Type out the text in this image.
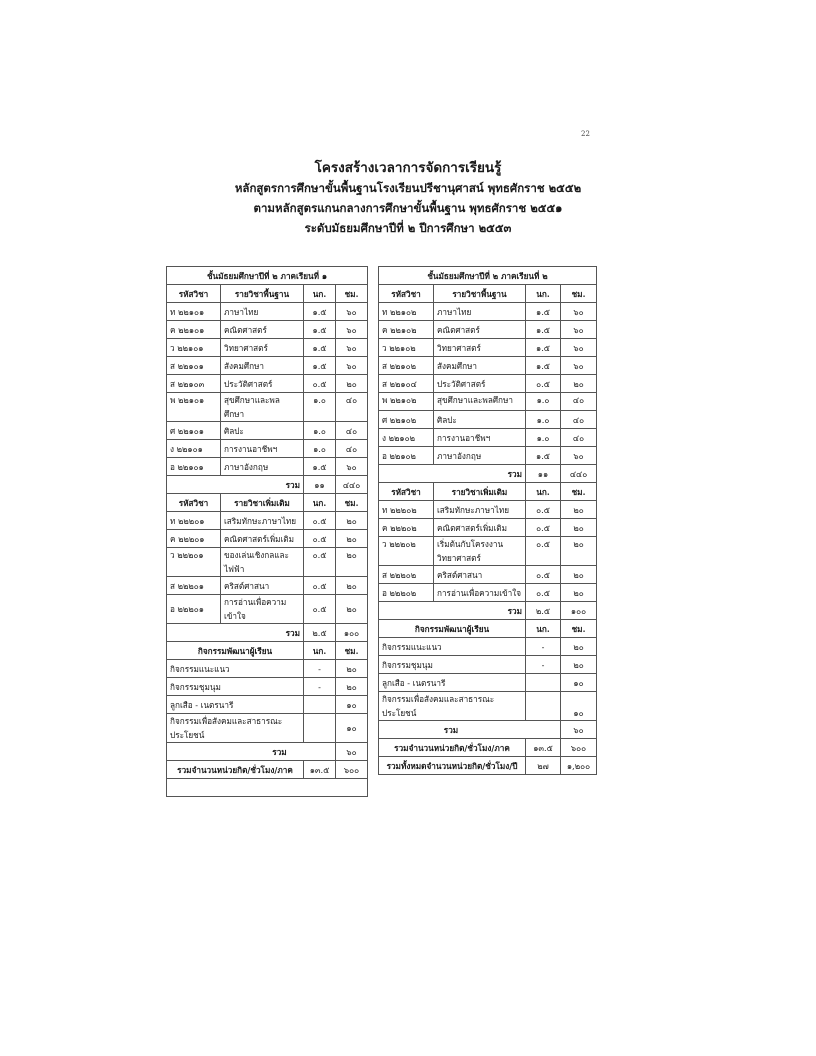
22
โครงสร้างเวลาการจัดการเรียนรู้
หลักสูตรการศึกษาขั้นพื้นฐานโรงเรียนปรีชานุศาสน์ พุทธศักราช ๒๕๕๒
ตามหลักสูตรแกนกลางการศึกษาขั้นพื้นฐาน พุทธศักราช ๒๕๕๑
ระดับมัธยมศึกษาปีที่ ๒ ปีการศึกษา ๒๕๕๓
ชั้นมัธยมศึกษาปีที่ ๒ ภาคเรียนที่ ๑			
รหัสวิชา	รายวิชาพื้นฐาน	นก.	ชม.
ท ๒๒๑๐๑	ภาษาไทย	๑.๕	๖๐
ค ๒๒๑๐๑	คณิตศาสตร์	๑.๕	๖๐
ว ๒๒๑๐๑	วิทยาศาสตร์	๑.๕	๖๐
ส ๒๒๑๐๑	สังคมศึกษา	๑.๕	๖๐
ส ๒๒๑๐๓	ประวัติศาสตร์	๐.๕	๒๐
พ ๒๒๑๐๑	สุขศึกษาและพล
ศึกษา	๑.๐	๔๐
ศ ๒๒๑๐๑	ศิลปะ	๑.๐	๔๐
ง ๒๒๑๐๑	การงานอาชีพฯ	๑.๐	๔๐
อ ๒๒๑๐๑	ภาษาอังกฤษ	๑.๕	๖๐
รวม		๑๑	๔๔๐
รหัสวิชา	รายวิชาเพิ่มเติม	นก.	ชม.
ท ๒๒๒๐๑	เสริมทักษะภาษาไทย	๐.๕	๒๐
ค ๒๒๒๐๑	คณิตศาสตร์เพิ่มเติม	๐.๕	๒๐
ว ๒๒๒๐๑	ของเล่นเชิงกลและ
ไฟฟ้า	๐.๕	๒๐
ส ๒๒๒๐๑	คริสต์ศาสนา	๐.๕	๒๐
อ ๒๒๒๐๑	การอ่านเพื่อความเข้าใจ	๐.๕	๒๐
รวม		๒.๕	๑๐๐
กิจกรรมพัฒนาผู้เรียน		นก.	ชม.
กิจกรรมแนะแนว		-	๒๐
กิจกรรมชุมนุม		-	๒๐
ลูกเสือ - เนตรนารี			๑๐
กิจกรรมเพื่อสังคมและสาธารณะ
ประโยชน์			๑๐
รวม			๖๐
รวมจำนวนหน่วยกิต/ชั่วโมง/ภาค		๑๓.๕	๖๐๐

ชั้นมัธยมศึกษาปีที่ ๒ ภาคเรียนที่ ๒			
รหัสวิชา	รายวิชาพื้นฐาน	นก.	ชม.
ท ๒๒๑๐๒	ภาษาไทย	๑.๕	๖๐
ค ๒๒๑๐๒	คณิตศาสตร์	๑.๕	๖๐
ว ๒๒๑๐๒	วิทยาศาสตร์	๑.๕	๖๐
ส ๒๒๑๐๒	สังคมศึกษา	๑.๕	๖๐
ส ๒๒๑๐๔	ประวัติศาสตร์	๐.๕	๒๐
พ ๒๒๑๐๒	สุขศึกษาและพลศึกษา	๑.๐	๔๐
ศ ๒๒๑๐๒	ศิลปะ	๑.๐	๔๐
ง ๒๒๑๐๒	การงานอาชีพฯ	๑.๐	๔๐
อ ๒๒๑๐๒	ภาษาอังกฤษ	๑.๕	๖๐
รวม		๑๑	๔๔๐
รหัสวิชา	รายวิชาเพิ่มเติม	นก.	ชม.
ท ๒๒๒๐๒	เสริมทักษะภาษาไทย	๐.๕	๒๐
ค ๒๒๒๐๒	คณิตศาสตร์เพิ่มเติม	๐.๕	๒๐
ว ๒๒๒๐๒	เริ่มต้นกับโครงงาน
วิทยาศาสตร์	๐.๕	๒๐
ส ๒๒๒๐๒	คริสต์ศาสนา	๐.๕	๒๐
อ ๒๒๒๐๒	การอ่านเพื่อความเข้าใจ	๐.๕	๒๐
รวม		๒.๕	๑๐๐
กิจกรรมพัฒนาผู้เรียน		นก.	ชม.
กิจกรรมแนะแนว		-	๒๐
กิจกรรมชุมนุม		-	๒๐
ลูกเสือ - เนตรนารี			๑๐
กิจกรรมเพื่อสังคมและสาธารณะ
ประโยชน์			๑๐
รวม			๖๐
รวมจำนวนหน่วยกิต/ชั่วโมง/ภาค		๑๓.๕	๖๐๐
รวมทั้งหมดจำนวนหน่วยกิต/ชั่วโมง/ปี		๒๗	๑,๒๐๐
